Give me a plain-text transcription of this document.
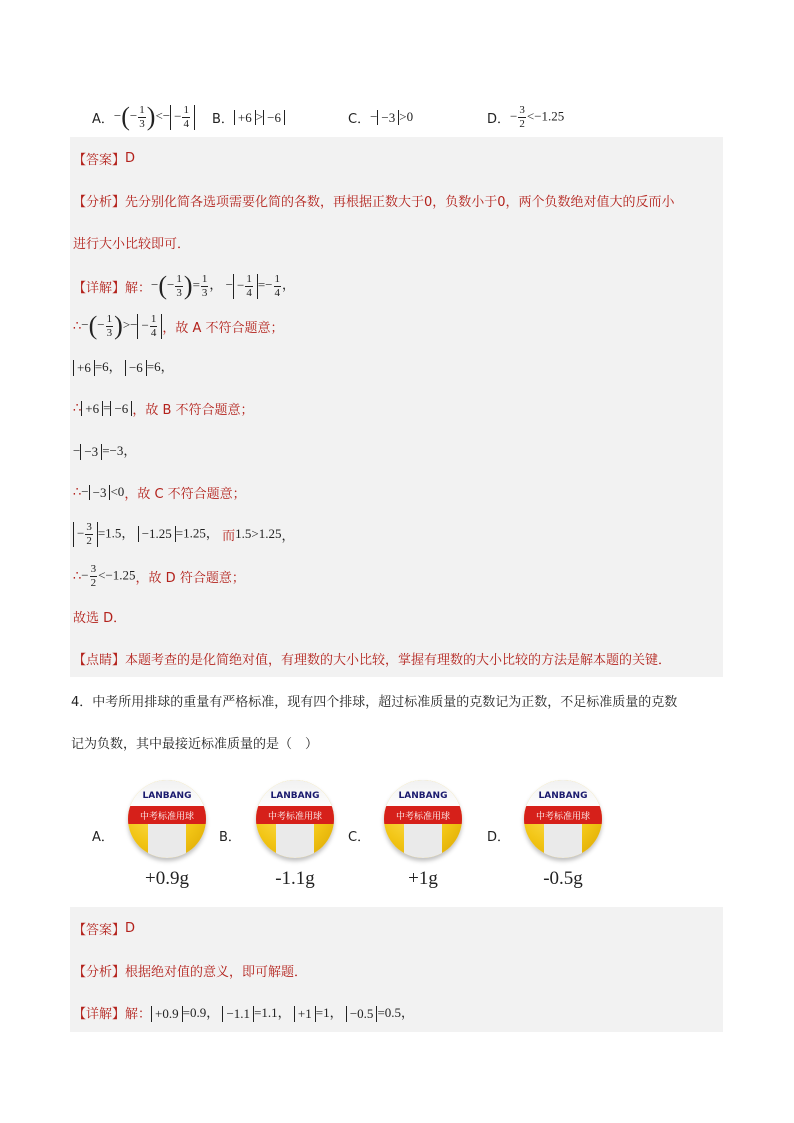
A． −(− $\frac{1}{3}$ )<− − $\frac{1}{4}$ B． +6 > −6	C． − −3 >0	D． − $\frac{3}{2} <-1.25$
【答案】 D
【分析】 先分别化简各选项需要化简的各数，再根据正数大于0，负数小于0，两个负数绝对值大的反而小
进行大小比较即可．
【详解】 解： −(− $\frac{1}{3}$ )= $\frac{1}{3}$ ， − − $\frac{1}{4} =- \frac{1}{4}$ ，
∴ −(− $\frac{1}{3}$ )>− − $\frac{1}{4}$ ，故 A 不符合题意；
+6 =6， −6 =6，
∴ +6 = −6 ，故 B 不符合题意；
− −3 =−3，
∴ − −3 <0 ，故 C 不符合题意；
− $\frac{3}{2} =1.5$， −1.25 =1.25， 而 1.5>1.25 ，
∴ − $\frac{3}{2} <-1.25$ ，故 D 符合题意；
故选 D．
【点睛】 本题考查的是化简绝对值，有理数的大小比较，掌握有理数的大小比较的方法是解本题的关键．
4．中考所用排球的重量有严格标准，现有四个排球，超过标准质量的克数记为正数，不足标准质量的克数
记为负数，其中最接近标准质量的是（　）
A．	B．	C．	D．
LANBANG
中考标准用球
LANBANG
中考标准用球
LANBANG
中考标准用球
LANBANG
中考标准用球
+0.9g	-1.1g	+1g	-0.5g
【答案】 D
【分析】 根据绝对值的意义，即可解题．
【详解】 解： +0.9 =0.9， −1.1 =1.1， +1 =1， −0.5 =0.5，
